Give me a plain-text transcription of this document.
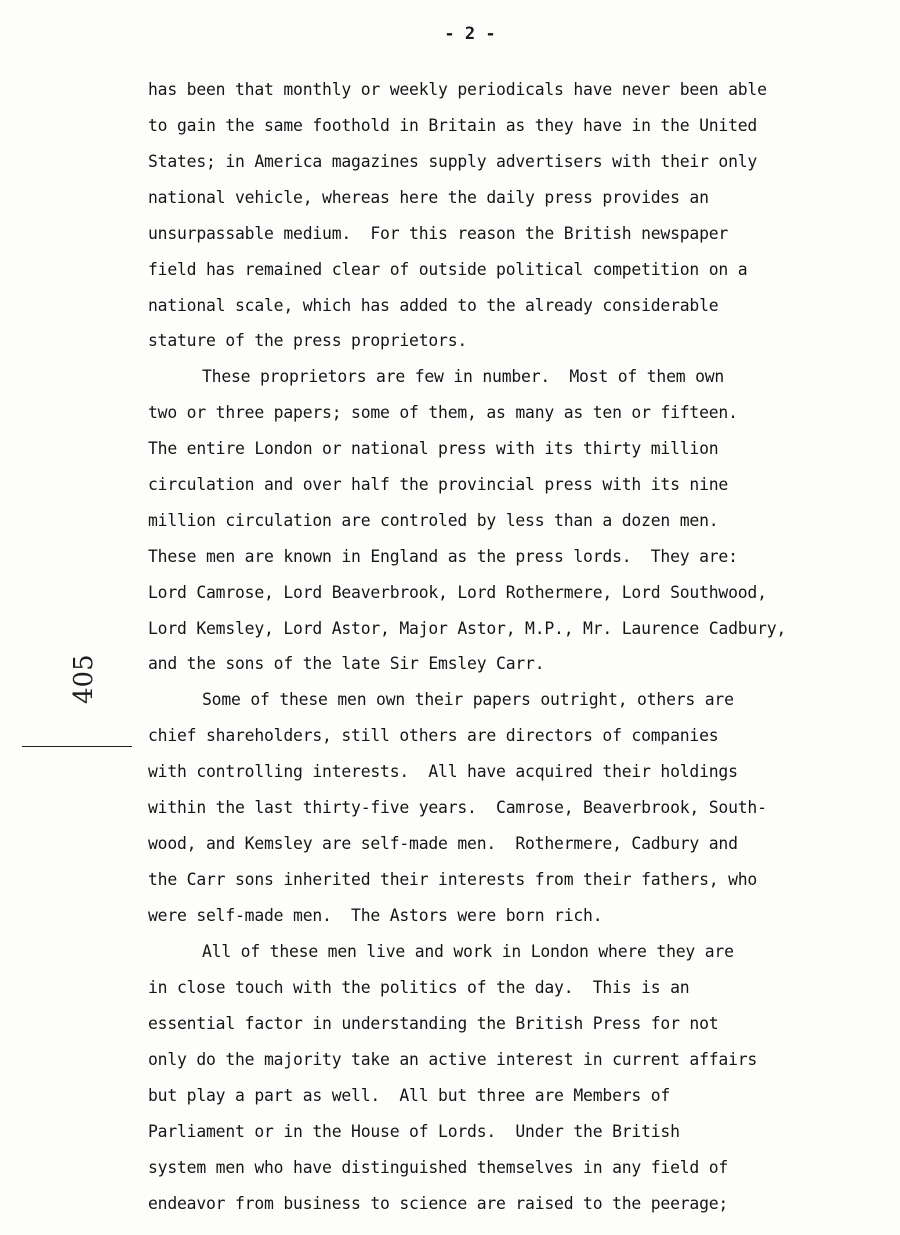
- 2 -
405
has been that monthly or weekly periodicals have never been able
to gain the same foothold in Britain as they have in the United
States; in America magazines supply advertisers with their only
national vehicle, whereas here the daily press provides an
unsurpassable medium.  For this reason the British newspaper
field has remained clear of outside political competition on a
national scale, which has added to the already considerable
stature of the press proprietors.
These proprietors are few in number.  Most of them own
two or three papers; some of them, as many as ten or fifteen.
The entire London or national press with its thirty million
circulation and over half the provincial press with its nine
million circulation are controled by less than a dozen men.
These men are known in England as the press lords.  They are:
Lord Camrose, Lord Beaverbrook, Lord Rothermere, Lord Southwood,
Lord Kemsley, Lord Astor, Major Astor, M.P., Mr. Laurence Cadbury,
and the sons of the late Sir Emsley Carr.
Some of these men own their papers outright, others are
chief shareholders, still others are directors of companies
with controlling interests.  All have acquired their holdings
within the last thirty-five years.  Camrose, Beaverbrook, South-
wood, and Kemsley are self-made men.  Rothermere, Cadbury and
the Carr sons inherited their interests from their fathers, who
were self-made men.  The Astors were born rich.
All of these men live and work in London where they are
in close touch with the politics of the day.  This is an
essential factor in understanding the British Press for not
only do the majority take an active interest in current affairs
but play a part as well.  All but three are Members of
Parliament or in the House of Lords.  Under the British
system men who have distinguished themselves in any field of
endeavor from business to science are raised to the peerage;
